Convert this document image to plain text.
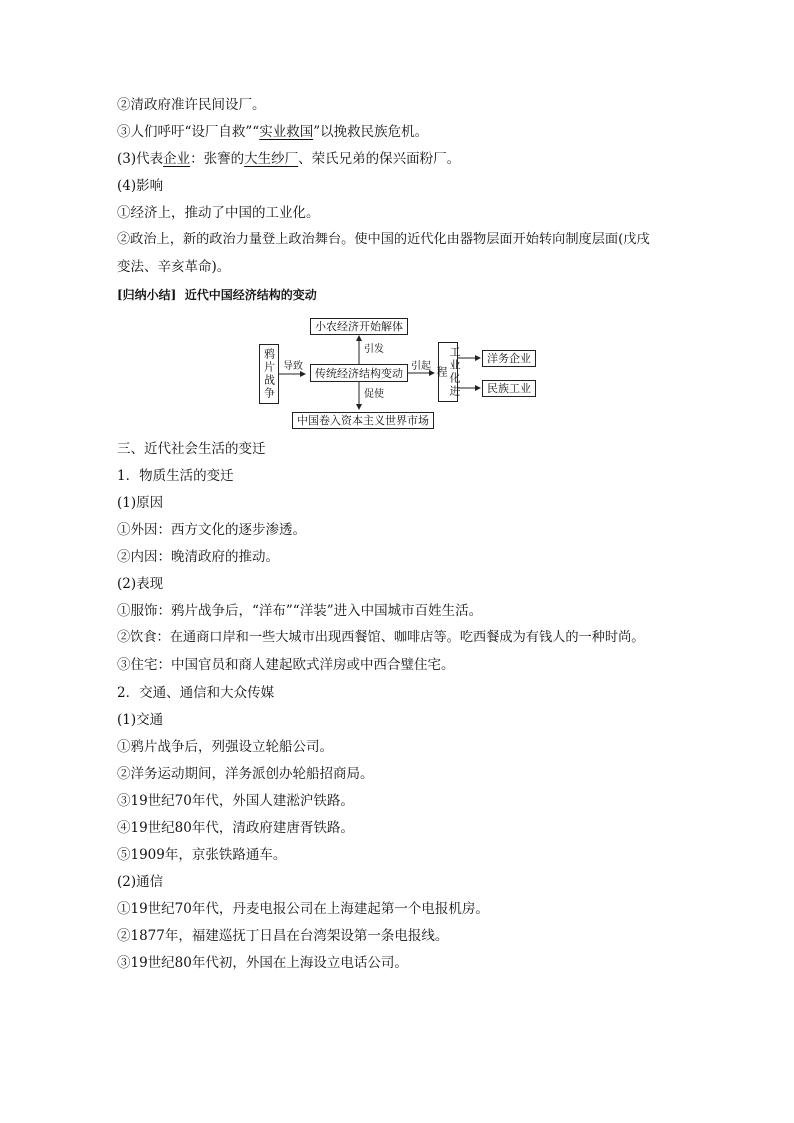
②清政府准许民间设厂。
③人们呼吁“设厂自救”“实业救国”以挽救民族危机。
(3)代表企业：张謇的大生纱厂、荣氏兄弟的保兴面粉厂。
(4)影响
①经济上，推动了中国的工业化。
②政治上，新的政治力量登上政治舞台。使中国的近代化由器物层面开始转向制度层面(戊戌
变法、辛亥革命)。
[归纳小结] 近代中国经济结构的变动
鸦片战争 导致	传统经济结构变动
小农经济开始解体
引发
促使
中国卷入资本主义世界市场
引起	工业化进程
洋务企业
民族工业
三、近代社会生活的变迁
1．物质生活的变迁
(1)原因
①外因：西方文化的逐步渗透。
②内因：晚清政府的推动。
(2)表现
①服饰：鸦片战争后，“洋布”“洋装”进入中国城市百姓生活。
②饮食：在通商口岸和一些大城市出现西餐馆、咖啡店等。吃西餐成为有钱人的一种时尚。
③住宅：中国官员和商人建起欧式洋房或中西合璧住宅。
2．交通、通信和大众传媒
(1)交通
①鸦片战争后，列强设立轮船公司。
②洋务运动期间，洋务派创办轮船招商局。
③19世纪70年代，外国人建淞沪铁路。
④19世纪80年代，清政府建唐胥铁路。
⑤1909年，京张铁路通车。
(2)通信
①19世纪70年代，丹麦电报公司在上海建起第一个电报机房。
②1877年，福建巡抚丁日昌在台湾架设第一条电报线。
③19世纪80年代初，外国在上海设立电话公司。
